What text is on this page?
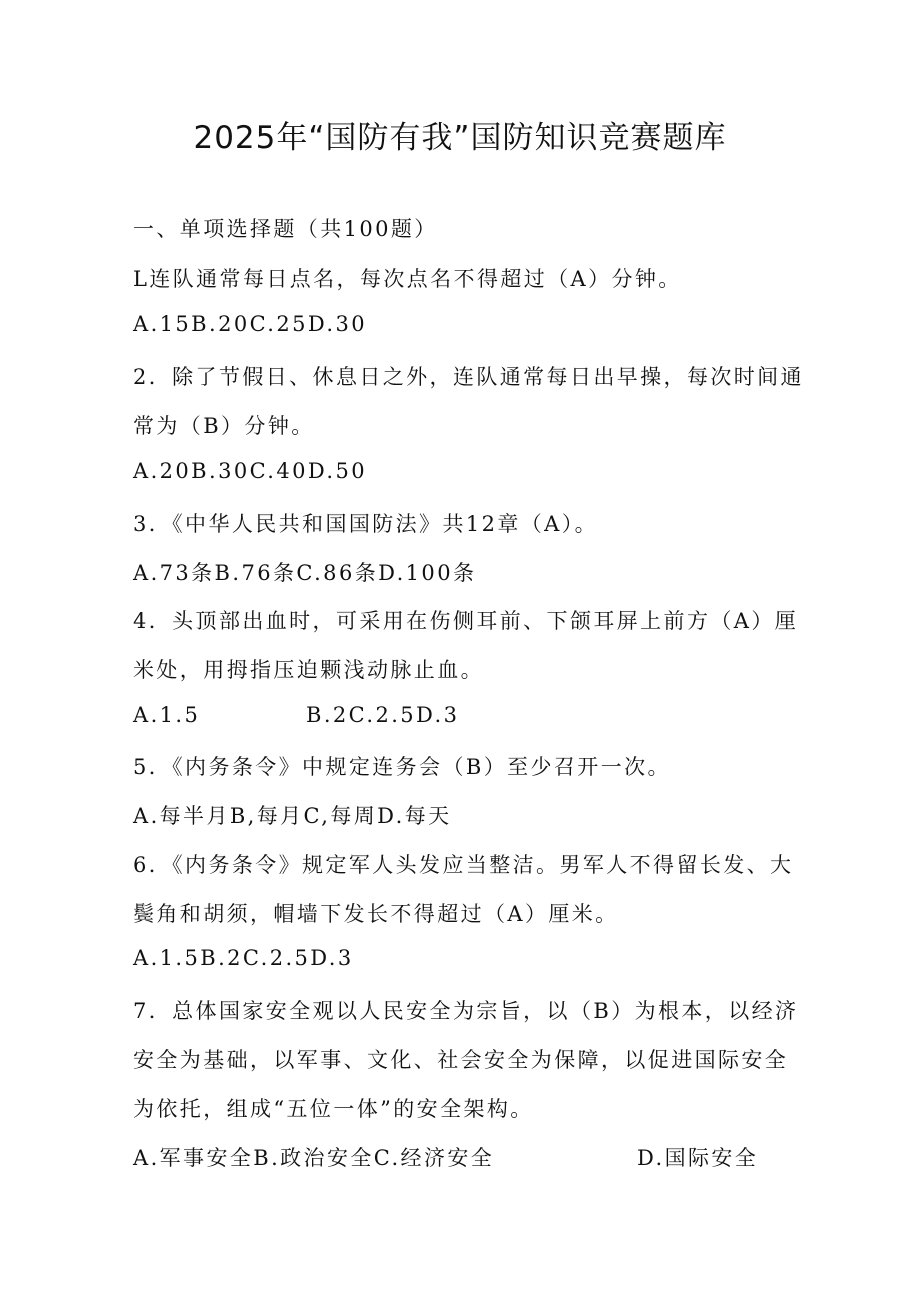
2025年“国防有我”国防知识竞赛题库
一、单项选择题（共100题）
L连队通常每日点名，每次点名不得超过（A）分钟。
A.15B.20C.25D.30
2．除了节假日、休息日之外，连队通常每日出早操，每次时间通
常为（B）分钟。
A.20B.30C.40D.50
3．《中华人民共和国国防法》共12章（A）。
A.73条B.76条C.86条D.100条
4．头顶部出血时，可采用在伤侧耳前、下颌耳屏上前方（A）厘
米处，用拇指压迫颗浅动脉止血。
A.1.5	B.2C.2.5D.3
5．《内务条令》中规定连务会（B）至少召开一次。
A.每半月B,每月C,每周D.每天
6．《内务条令》规定军人头发应当整洁。男军人不得留长发、大
鬓角和胡须，帽墙下发长不得超过（A）厘米。
A.1.5B.2C.2.5D.3
7．总体国家安全观以人民安全为宗旨，以（B）为根本，以经济
安全为基础，以军事、文化、社会安全为保障，以促进国际安全
为依托，组成“五位一体”的安全架构。
A.军事安全B.政治安全C.经济安全	D.国际安全
